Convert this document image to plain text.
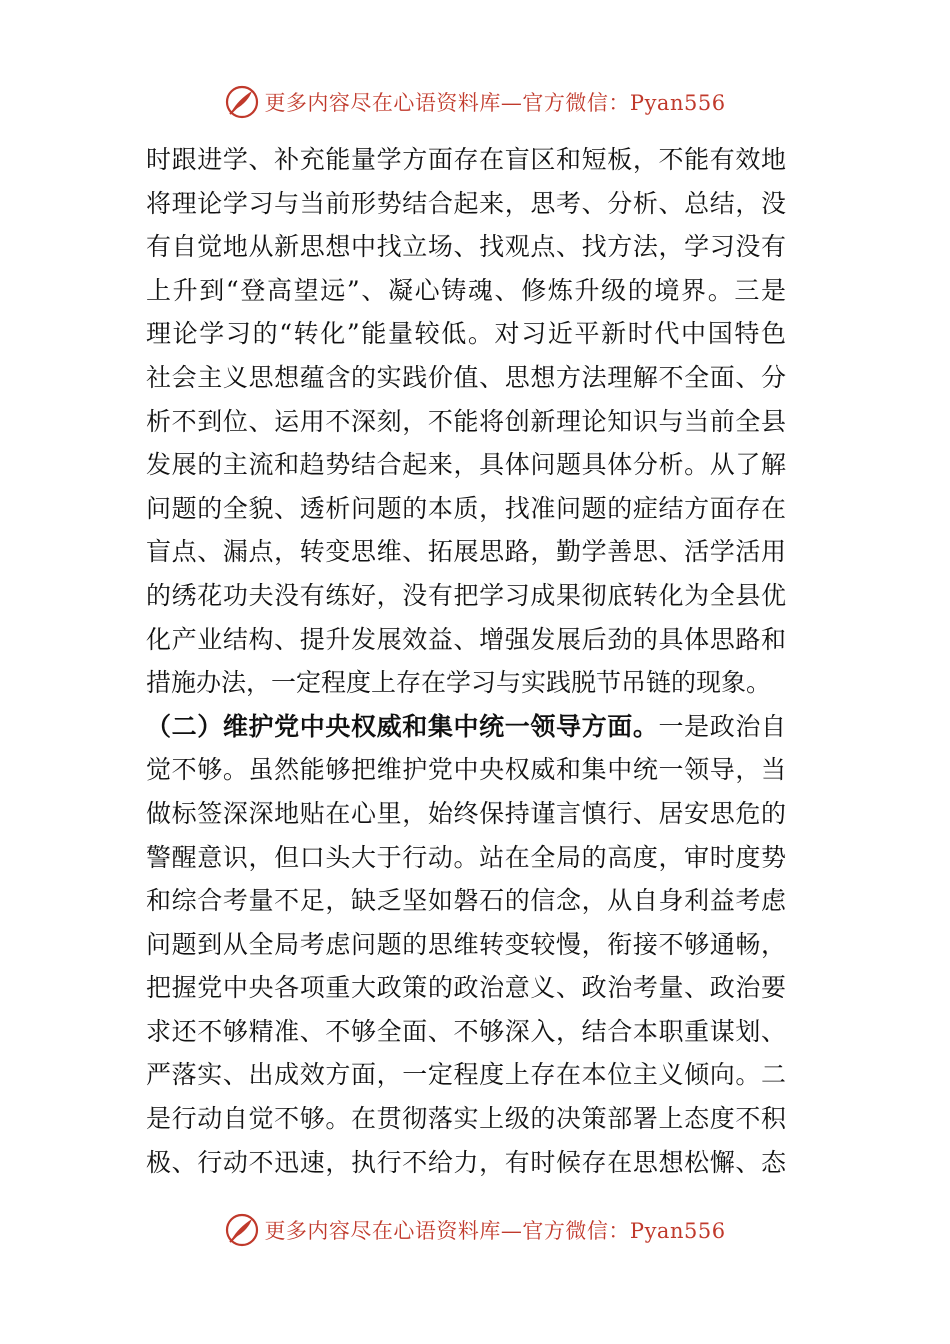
更多内容尽在心语资料库—官方微信：Pyan556
时跟进学、补充能量学方面存在盲区和短板，不能有效地
将理论学习与当前形势结合起来，思考、分析、总结，没
有自觉地从新思想中找立场、找观点、找方法，学习没有
上升到“登高望远”、凝心铸魂、修炼升级的境界。三是
理论学习的“转化”能量较低。对习近平新时代中国特色
社会主义思想蕴含的实践价值、思想方法理解不全面、分
析不到位、运用不深刻，不能将创新理论知识与当前全县
发展的主流和趋势结合起来，具体问题具体分析。从了解
问题的全貌、透析问题的本质，找准问题的症结方面存在
盲点、漏点，转变思维、拓展思路，勤学善思、活学活用
的绣花功夫没有练好，没有把学习成果彻底转化为全县优
化产业结构、提升发展效益、增强发展后劲的具体思路和
措施办法，一定程度上存在学习与实践脱节吊链的现象。
（二）维护党中央权威和集中统一领导方面。一是政治自
觉不够。虽然能够把维护党中央权威和集中统一领导，当
做标签深深地贴在心里，始终保持谨言慎行、居安思危的
警醒意识，但口头大于行动。站在全局的高度，审时度势
和综合考量不足，缺乏坚如磐石的信念，从自身利益考虑
问题到从全局考虑问题的思维转变较慢，衔接不够通畅，
把握党中央各项重大政策的政治意义、政治考量、政治要
求还不够精准、不够全面、不够深入，结合本职重谋划、
严落实、出成效方面，一定程度上存在本位主义倾向。二
是行动自觉不够。在贯彻落实上级的决策部署上态度不积
极、行动不迅速，执行不给力，有时候存在思想松懈、态
更多内容尽在心语资料库—官方微信：Pyan556
